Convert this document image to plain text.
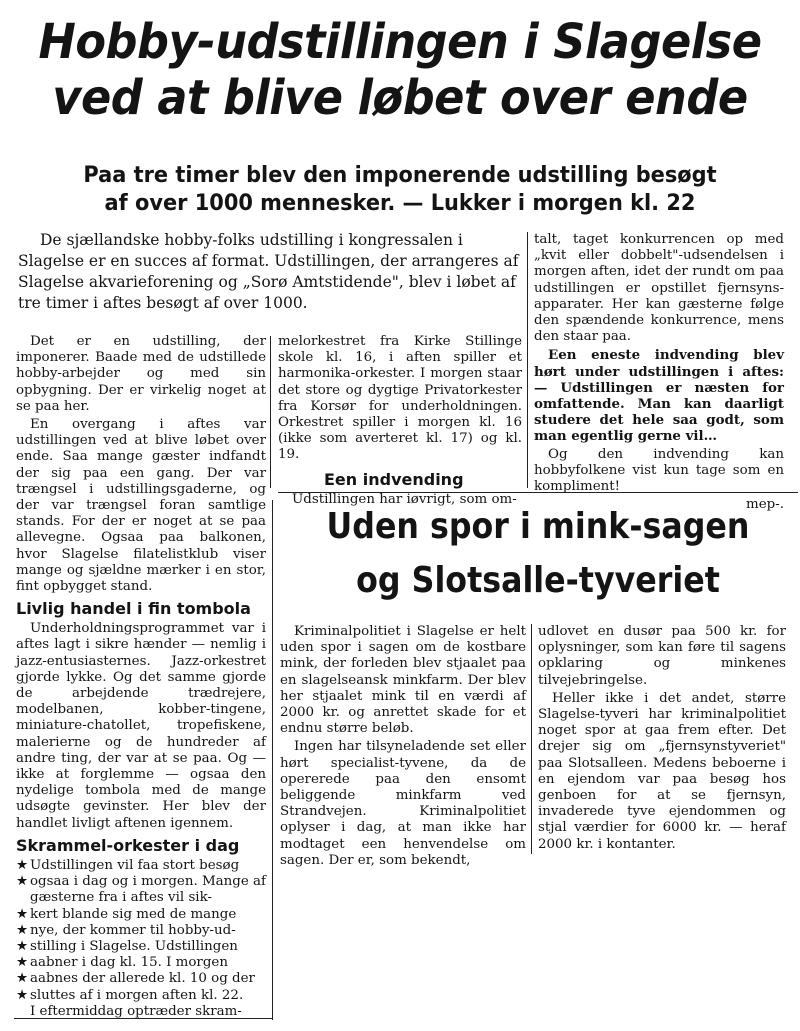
Hobby-udstillingen i Slagelse
ved at blive løbet over ende
Paa tre timer blev den imponerende udstilling besøgt
af over 1000 mennesker. — Lukker i morgen kl. 22

De sjællandske hobby-folks udstilling i kongressalen i Slagelse er en succes af format. Udstillingen, der arrangeres af Slagelse akvarieforening og „Sorø Amtstidende", blev i løbet af tre timer i aftes besøgt af over 1000.

Det er en udstilling, der imponerer. Baade med de udstillede hobby-arbejder og med sin opbygning. Der er virkelig noget at se paa her.

En overgang i aftes var udstillingen ved at blive løbet over ende. Saa mange gæster indfandt der sig paa een gang. Der var trængsel i udstillingsgaderne, og der var trængsel foran samtlige stands. For der er noget at se paa allevegne. Ogsaa paa balkonen, hvor Slagelse filatelistklub viser mange og sjældne mærker i en stor, fint opbygget stand.

Livlig handel i fin tombola

Underholdningsprogrammet var i aftes lagt i sikre hænder — nemlig i jazz-entusiasternes. Jazz-orkestret gjorde lykke. Og det samme gjorde de arbejdende trædrejere, modelbanen, kobber-tingene, miniature-chatollet, tropefiskene, malerierne og de hundreder af andre ting, der var at se paa. Og — ikke at forglemme — ogsaa den nydelige tombola med de mange udsøgte gevinster. Her blev der handlet livligt aftenen igennem.

Skrammel-orkester i dag
★ Udstillingen vil faa stort besøg
★ ogsaa i dag og i morgen. Mange af gæsterne fra i aftes vil sik-
★ kert blande sig med de mange
★ nye, der kommer til hobby-ud-
★ stilling i Slagelse. Udstillingen
★ aabner i dag kl. 15. I morgen
★ aabnes der allerede kl. 10 og der
★ sluttes af i morgen aften kl. 22.

I eftermiddag optræder skram-

melorkestret fra Kirke Stillinge skole kl. 16, i aften spiller et harmonika-orkester. I morgen staar det store og dygtige Privatorkester fra Korsør for underholdningen. Orkestret spiller i morgen kl. 16 (ikke som averteret kl. 17) og kl. 19.

Een indvending

Udstillingen har iøvrigt, som om-

talt, taget konkurrencen op med „kvit eller dobbelt"-udsendelsen i morgen aften, idet der rundt om paa udstillingen er opstillet fjernsyns-apparater. Her kan gæsterne følge den spændende konkurrence, mens den staar paa.

Een eneste indvending blev hørt under udstillingen i aftes: — Udstillingen er næsten for omfattende. Man kan daarligt studere det hele saa godt, som man egentlig gerne vil…

Og den indvending kan hobbyfolkene vist kun tage som en kompliment!

mep-.
Uden spor i mink-sagen
og Slotsalle-tyveriet

Kriminalpolitiet i Slagelse er helt uden spor i sagen om de kostbare mink, der forleden blev stjaalet paa en slagelseansk minkfarm. Der blev her stjaalet mink til en værdi af 2000 kr. og anrettet skade for et endnu større beløb.

Ingen har tilsyneladende set eller hørt specialist-tyvene, da de opererede paa den ensomt beliggende minkfarm ved Strandvejen. Kriminalpolitiet oplyser i dag, at man ikke har modtaget een henvendelse om sagen. Der er, som bekendt,

udlovet en dusør paa 500 kr. for oplysninger, som kan føre til sagens opklaring og minkenes tilvejebringelse.

Heller ikke i det andet, større Slagelse-tyveri har kriminalpolitiet noget spor at gaa frem efter. Det drejer sig om „fjernsynstyveriet" paa Slotsalleen. Medens beboerne i en ejendom var paa besøg hos genboen for at se fjernsyn, invaderede tyve ejendommen og stjal værdier for 6000 kr. — heraf 2000 kr. i kontanter.
